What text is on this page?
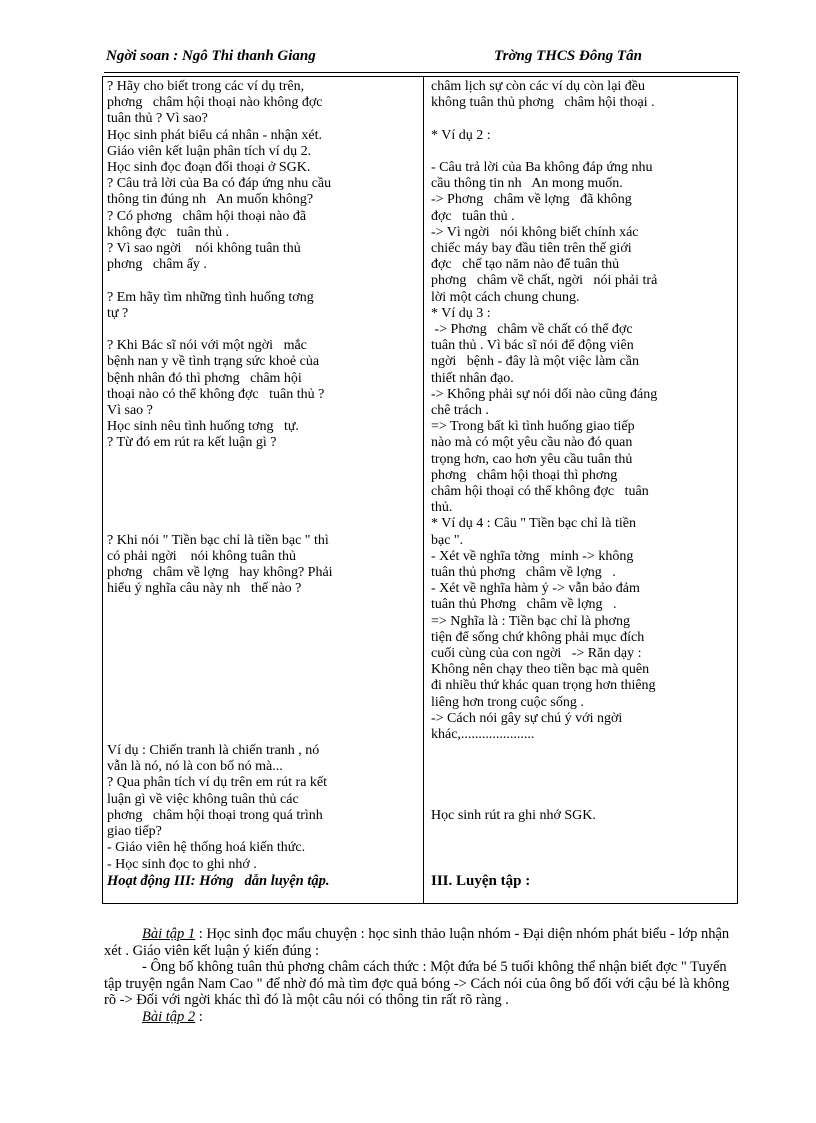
Ngời soan : Ngô Thi thanh Giang	Trờng THCS Đông Tân
? Hãy cho biết trong các ví dụ trên,
phơng   châm hội thoại nào không đợc
tuân thủ ? Vì sao?
Học sinh phát biểu cá nhân - nhận xét.
Giáo viên kết luận phân tích ví dụ 2.
Học sinh đọc đoạn đối thoại ở SGK.
? Câu trả lời của Ba có đáp ứng nhu cầu
thông tin đúng nh   An muốn không?
? Có phơng   châm hội thoại nào đã
không đợc   tuân thủ .
? Vì sao ngời    nói không tuân thủ
phơng   châm ấy .
? Em hãy tìm những tình huống tơng
tự ?
? Khi Bác sĩ nói với một ngời   mắc
bệnh nan y về tình trạng sức khoẻ của
bệnh nhân đó thì phơng   châm hội
thoại nào có thể không đợc   tuân thủ ?
Vì sao ?
Học sinh nêu tình huống tơng   tự.
? Từ đó em rút ra kết luận gì ?
? Khi nói " Tiền bạc chỉ là tiền bạc " thì
có phải ngời    nói không tuân thủ
phơng   châm về lợng   hay không? Phải
hiểu ý nghĩa câu này nh   thế nào ?
Ví dụ : Chiến tranh là chiến tranh , nó
vẫn là nó, nó là con bố nó mà...
? Qua phân tích ví dụ trên em rút ra kết
luận gì về việc không tuân thủ các
phơng   châm hội thoại trong quá trình
giao tiếp?
- Giáo viên hệ thống hoá kiến thức.
- Học sinh đọc to ghi nhớ .
Hoạt động III: Hớng   dẫn luyện tập.
châm lịch sự còn các ví dụ còn lại đều
không tuân thủ phơng   châm hội thoại .
* Ví dụ 2 :
- Câu trả lời của Ba không đáp ứng nhu
cầu thông tin nh   An mong muốn.
-> Phơng   châm về lợng   đã không
đợc   tuân thủ .
-> Vì ngời   nói không biết chính xác
chiếc máy bay đầu tiên trên thế giới
đợc   chế tạo năm nào để tuân thủ
phơng   châm về chất, ngời   nói phải trả
lời một cách chung chung.
* Ví dụ 3 :
-> Phơng   châm về chất có thể đợc
tuân thủ . Vì bác sĩ nói để động viên
ngời   bệnh - đây là một việc làm cần
thiết nhân đạo.
-> Không phải sự nói dối nào cũng đáng
chê trách .
=> Trong bất kì tình huống giao tiếp
nào mà có một yêu cầu nào đó quan
trọng hơn, cao hơn yêu cầu tuân thủ
phơng   châm hội thoại thì phơng
châm hội thoại có thể không đợc   tuân
thủ.
* Ví dụ 4 : Câu " Tiền bạc chỉ là tiền
bạc ".
- Xét về nghĩa tờng   minh -> không
tuân thủ phơng   châm về lợng   .
- Xét về nghĩa hàm ý -> vẫn bảo đảm
tuân thủ Phơng   châm về lợng   .
=> Nghĩa là : Tiền bạc chỉ là phơng
tiện để sống chứ không phải mục đích
cuối cùng của con ngời   -> Răn dạy :
Không nên chạy theo tiền bạc mà quên
đi nhiều thứ khác quan trọng hơn thiêng
liêng hơn trong cuộc sống .
-> Cách nói gây sự chú ý với ngời
khác,.....................
Học sinh rút ra ghi nhớ SGK.
III. Luyện tập :

Bài tập 1 : Học sinh đọc mẩu chuyện : học sinh thảo luận nhóm - Đại diện nhóm phát biểu - lớp nhận xét . Giáo viên kết luận ý kiến đúng :

- Ông bố không tuân thủ phơng châm cách thức : Một đứa bé 5 tuổi không thể nhận biết đợc " Tuyển tập truyện ngắn Nam Cao " để nhờ đó mà tìm đợc quả bóng -> Cách nói của ông bố đối với cậu bé là không rõ -> Đối với ngời khác thì đó là một câu nói có thông tin rất rõ ràng .

Bài tập 2 :
